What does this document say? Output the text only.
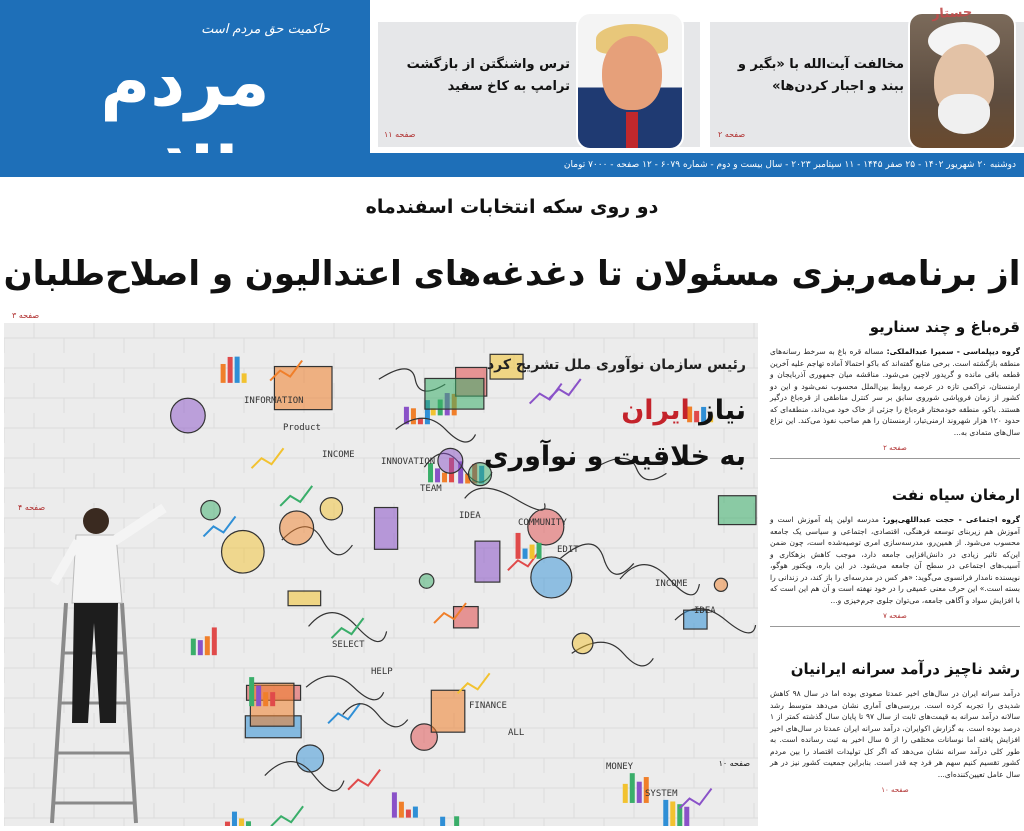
حاکمیت حق مردم است
مردم	ترس واشنگتن از بازگشت ترامپ به کاخ سفید
صفحه ۱۱
مخالفت آیت‌الله با «بگیر و ببند و اجبار کردن‌ها»
صفحه ۲
جستار
دوشنبه ۲۰ شهریور ۱۴۰۲ - ۲۵ صفر ۱۴۴۵ - ۱۱ سپتامبر ۲۰۲۳ - سال بیست و دوم - شماره ۶۰۷۹ - ۱۲ صفحه - ۷۰۰۰ تومان
دو روی سکه انتخابات اسفندماه
از برنامه‌ریزی مسئولان تا دغدغه‌های اعتدالیون و اصلاح‌طلبان
صفحه ۳
INFORMATION
INNOVATION
COMMUNITY
INCOME
SELECT
FINANCE
MONEY
Product
TEAM
EDIT
IDEA
HELP
ALL
SYSTEM
INCOME
IDEA
رئیس سازمان نوآوری ملل تشریح کرد
نیاز ایران
به خلاقیت و نوآوری
صفحه ۴
صفحه ۱۰
قره‌باغ و چند سناریو

گروه دیپلماسی - سمیرا عبدالملکی: مساله قره باغ به سرخط رسانه‌های منطقه بازگشته است. برخی منابع گفته‌اند که باکو احتمالا آماده تهاجم علیه آخرین قطعه باقی مانده و گریدور لاچین می‌شود. مناقشه میان جمهوری آذربایجان و ارمنستان، تراکمی تازه در عرصه روابط بین‌الملل محسوب نمی‌شود و این دو کشور از زمان فروپاشی شوروی سابق بر سر کنترل مناطقی از قره‌باغ درگیر هستند. باکو، منطقه خودمختار قره‌باغ را جزئی از خاک خود می‌داند، منطقه‌ای که حدود ۱۲۰ هزار شهروند ارمنی‌تبار، ارمنستان را هم صاحب نفوذ می‌کند. این نزاع سال‌های متمادی به...

صفحه ۲
ارمغان سیاه نفت

گروه اجتماعی - حجت عبداللهی‌پور: مدرسه اولین پله آموزش است و آموزش هم زیربنای توسعه فرهنگی، اقتصادی، اجتماعی و سیاسی یک جامعه محسوب می‌شود. از همین‌رو، مدرسه‌سازی امری توصیه‌شده است، چون ضمن این‌که تاثیر زیادی در دانش‌افزایی جامعه دارد، موجب کاهش بزهکاری و آسیب‌های اجتماعی در سطح آن جامعه می‌شود. در این باره، ویکتور هوگو، نویسنده نامدار فرانسوی می‌گوید: «هر کس در مدرسه‌ای را باز کند، در زندانی را بسته است.» این حرف معنی عمیقی را در خود نهفته است و آن هم این است که با افزایش سواد و آگاهی جامعه، می‌توان جلوی جرم‌خیزی و...

صفحه ۷
رشد ناچیز درآمد سرانه ایرانیان

درآمد سرانه ایران در سال‌های اخیر عمدتا صعودی بوده اما در سال ۹۸ کاهش شدیدی را تجربه کرده است. بررسی‌های آماری نشان می‌دهد متوسط رشد سالانه درآمد سرانه به قیمت‌های ثابت از سال ۹۷ تا پایان سال گذشته کمتر از ۱ درصد بوده است. به گزارش اکوایران، درآمد سرانه ایران عمدتا در سال‌های اخیر افزایش یافته اما نوسانات مختلفی را از ۵ سال اخیر به ثبت رسانده است. به طور کلی درآمد سرانه نشان می‌دهد که اگر کل تولیدات اقتصاد را بین مردم کشور تقسیم کنیم سهم هر فرد چه قدر است. بنابراین جمعیت کشور نیز در هر سال عامل تعیین‌کننده‌ای...

صفحه ۱۰
